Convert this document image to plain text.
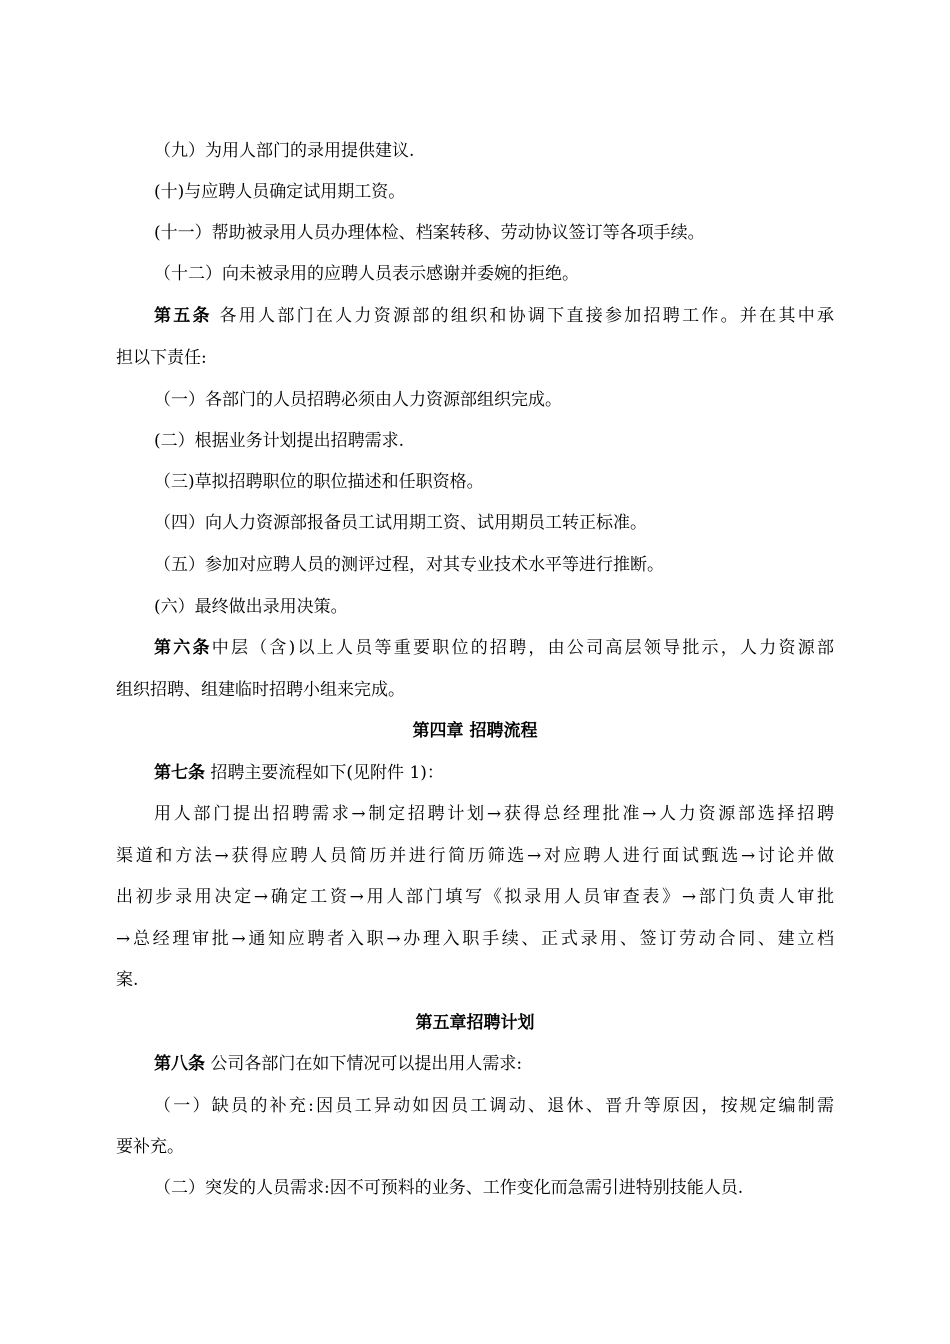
（九）为用人部门的录用提供建议.
(十)与应聘人员确定试用期工资。
(十一）帮助被录用人员办理体检、档案转移、劳动协议签订等各项手续。
（十二）向未被录用的应聘人员表示感谢并委婉的拒绝。
第五条 各用人部门在人力资源部的组织和协调下直接参加招聘工作。并在其中承
担以下责任:
（一）各部门的人员招聘必须由人力资源部组织完成。
(二）根据业务计划提出招聘需求.
（三)草拟招聘职位的职位描述和任职资格。
（四）向人力资源部报备员工试用期工资、试用期员工转正标准。
（五）参加对应聘人员的测评过程，对其专业技术水平等进行推断。
(六）最终做出录用决策。
第六条中层（含)以上人员等重要职位的招聘，由公司高层领导批示，人力资源部
组织招聘、组建临时招聘小组来完成。
第四章 招聘流程
第七条 招聘主要流程如下(见附件 1)：
用人部门提出招聘需求→制定招聘计划→获得总经理批准→人力资源部选择招聘
渠道和方法→获得应聘人员简历并进行简历筛选→对应聘人进行面试甄选→讨论并做
出初步录用决定→确定工资→用人部门填写《拟录用人员审查表》→部门负责人审批
→总经理审批→通知应聘者入职→办理入职手续、正式录用、签订劳动合同、建立档
案.
第五章招聘计划
第八条 公司各部门在如下情况可以提出用人需求:
（一）缺员的补充:因员工异动如因员工调动、退休、晋升等原因，按规定编制需
要补充。
（二）突发的人员需求:因不可预料的业务、工作变化而急需引进特别技能人员.
